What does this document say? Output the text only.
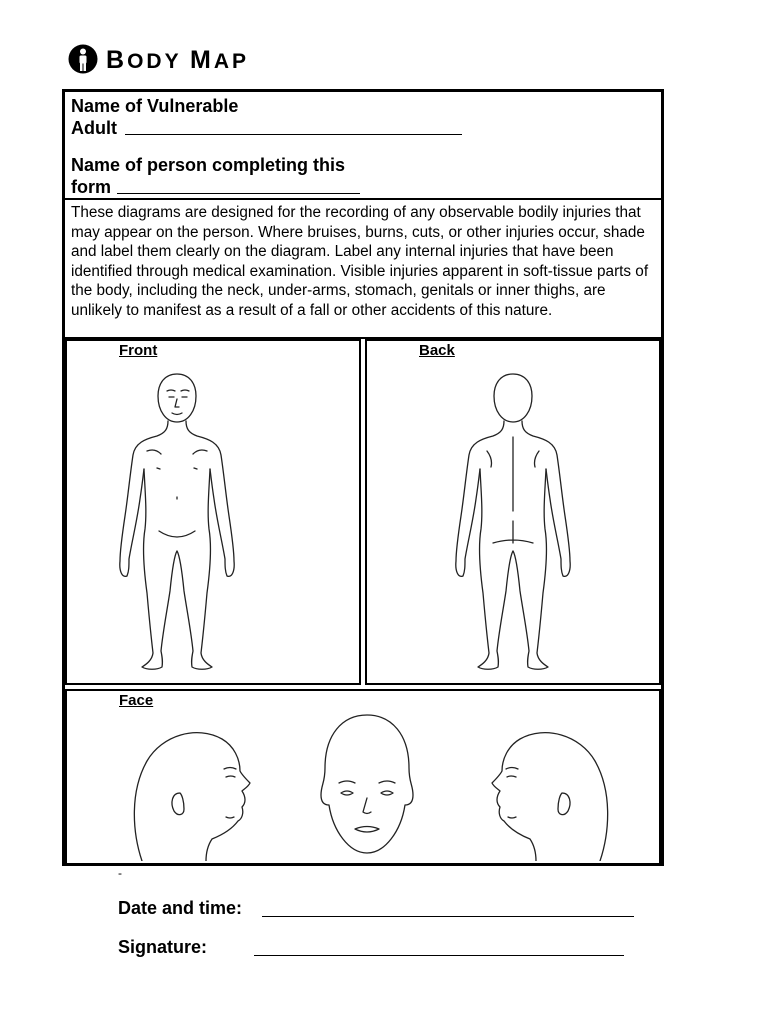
BODY MAP
Name of Vulnerable
Adult
Name of person completing this
form
These diagrams are designed for the recording of any observable bodily injuries that may appear on the person. Where bruises, burns, cuts, or other injuries occur, shade and label them clearly on the diagram. Label any internal injuries that have been identified through medical examination. Visible injuries apparent in soft-tissue parts of the body, including the neck, under-arms, stomach, genitals or inner thighs, are unlikely to manifest as a result of a fall or other accidents of this nature.
Front	Back
Face
-
Date and time:
Signature:
